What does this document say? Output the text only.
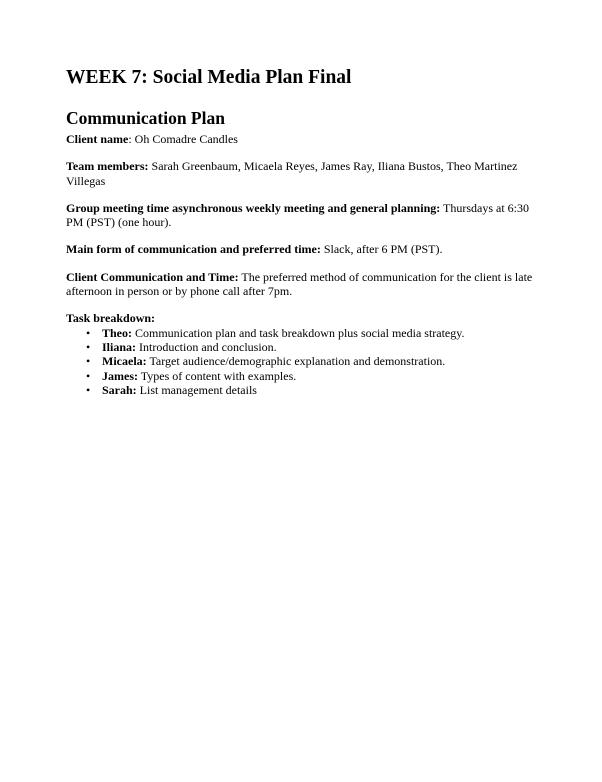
WEEK 7: Social Media Plan Final
Communication Plan

Client name: Oh Comadre Candles

Team members: Sarah Greenbaum, Micaela Reyes, James Ray, Iliana Bustos, Theo Martinez Villegas

Group meeting time asynchronous weekly meeting and general planning: Thursdays at 6:30 PM (PST) (one hour).

Main form of communication and preferred time: Slack, after 6 PM (PST).

Client Communication and Time: The preferred method of communication for the client is late afternoon in person or by phone call after 7pm.

Task breakdown:
• Theo: Communication plan and task breakdown plus social media strategy.
• Iliana: Introduction and conclusion.
• Micaela: Target audience/demographic explanation and demonstration.
• James: Types of content with examples.
• Sarah: List management details
